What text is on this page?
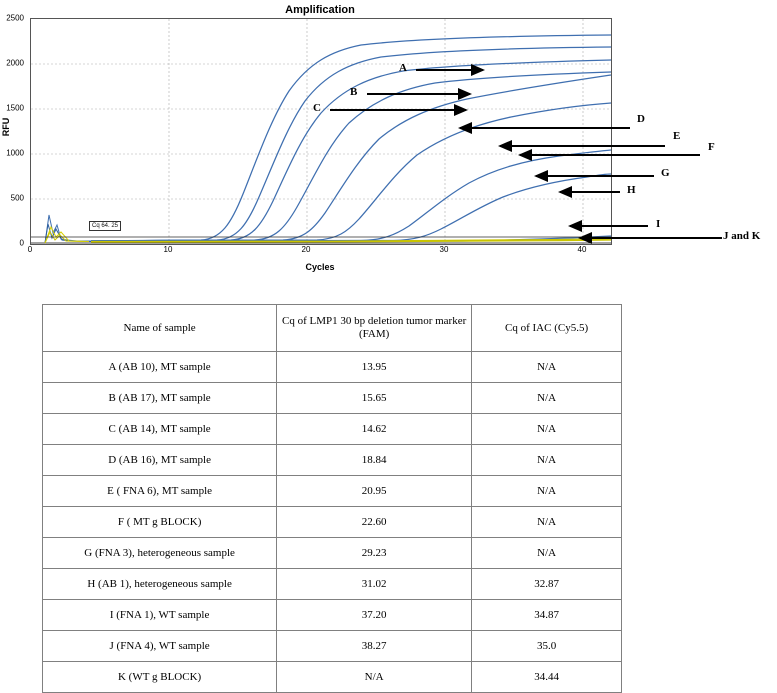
Amplification
2500
2000
1500
1000
500
0
RFU
Cq 64. 25
0	10	20	30	40
Cycles
A
B
C
D
E
F
G
H
I
J and K
Name of sample	Cq of LMP1 30 bp deletion tumor marker (FAM)	Cq of IAC (Cy5.5)
A (AB 10), MT sample	13.95	N/A
B (AB 17), MT sample	15.65	N/A
C (AB 14), MT sample	14.62	N/A
D (AB 16), MT sample	18.84	N/A
E ( FNA 6), MT sample	20.95	N/A
F ( MT g BLOCK)	22.60	N/A
G (FNA 3), heterogeneous sample	29.23	N/A
H (AB 1), heterogeneous sample	31.02	32.87
I (FNA 1), WT sample	37.20	34.87
J (FNA 4), WT sample	38.27	35.0
K (WT g BLOCK)	N/A	34.44
